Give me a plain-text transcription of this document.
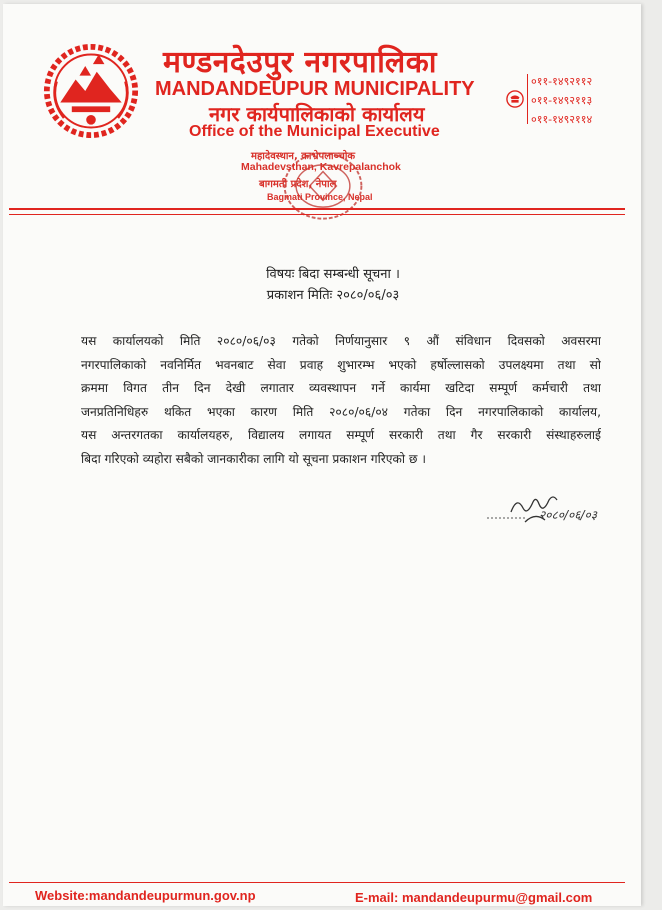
मण्डनदेउपुर नगरपालिका
MANDANDEUPUR MUNICIPALITY
नगर कार्यपालिकाको कार्यालय
Office of the Municipal Executive
महादेवस्थान, काभ्रेपलाञ्चोक
Mahadevsthan, Kavrepalanchok
बागमती प्रदेश, नेपाल
Bagmati Province, Nepal
०११-१४९२११२
०११-१४९२११३
०११-१४९२११४
विषयः बिदा सम्बन्धी सूचना ।
प्रकाशन मितिः २०८०/०६/०३
यस कार्यालयको मिति २०८०/०६/०३ गतेको निर्णयानुसार ९ औं संविधान दिवसको अवसरमा
नगरपालिकाको नवनिर्मित भवनबाट सेवा प्रवाह शुभारम्भ भएको हर्षोल्लासको उपलक्ष्यमा तथा सो
क्रममा विगत तीन दिन देखी लगातार व्यवस्थापन गर्ने कार्यमा खटिदा सम्पूर्ण कर्मचारी तथा
जनप्रतिनिधिहरु थकित भएका कारण मिति २०८०/०६/०४ गतेका दिन नगरपालिकाको कार्यालय,
यस अन्तरगतका कार्यालयहरु, विद्यालय लगायत सम्पूर्ण सरकारी तथा गैर सरकारी संस्थाहरुलाई
बिदा गरिएको व्यहोरा सबैको जानकारीका लागि यो सूचना प्रकाशन गरिएको छ ।
२०८०/०६/०३
Website:mandandeupurmun.gov.np	E-mail: mandandeupurmu@gmail.com
